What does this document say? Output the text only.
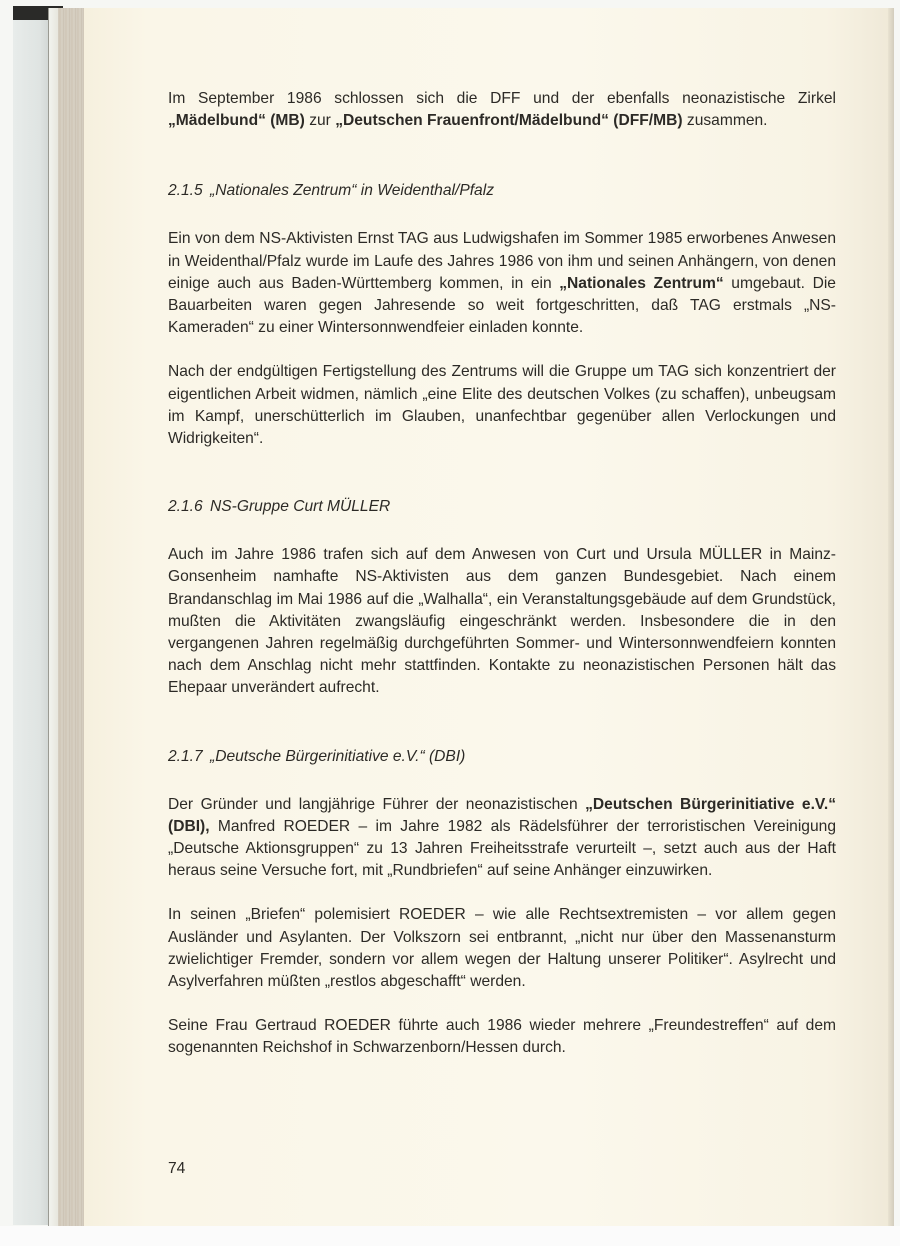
Im September 1986 schlossen sich die DFF und der ebenfalls neonazistische Zirkel „Mädelbund“ (MB) zur „Deutschen Frauenfront/Mädelbund“ (DFF/MB) zusammen.

2.1.5 „Nationales Zentrum“ in Weidenthal/Pfalz

Ein von dem NS-Aktivisten Ernst TAG aus Ludwigshafen im Sommer 1985 erworbenes Anwesen in Weidenthal/Pfalz wurde im Laufe des Jahres 1986 von ihm und seinen Anhängern, von denen einige auch aus Baden-Württemberg kommen, in ein „Nationales Zentrum“ umgebaut. Die Bauarbeiten waren gegen Jahresende so weit fortgeschritten, daß TAG erstmals „NS-Kameraden“ zu einer Wintersonnwendfeier einladen konnte.

Nach der endgültigen Fertigstellung des Zentrums will die Gruppe um TAG sich konzentriert der eigentlichen Arbeit widmen, nämlich „eine Elite des deutschen Volkes (zu schaffen), unbeugsam im Kampf, unerschütterlich im Glauben, unanfechtbar gegenüber allen Verlockungen und Widrigkeiten“.

2.1.6 NS-Gruppe Curt MÜLLER

Auch im Jahre 1986 trafen sich auf dem Anwesen von Curt und Ursula MÜLLER in Mainz-Gonsenheim namhafte NS-Aktivisten aus dem ganzen Bundesgebiet. Nach einem Brandanschlag im Mai 1986 auf die „Walhalla“, ein Veranstaltungsgebäude auf dem Grundstück, mußten die Aktivitäten zwangsläufig eingeschränkt werden. Insbesondere die in den vergangenen Jahren regelmäßig durchgeführten Sommer- und Wintersonnwendfeiern konnten nach dem Anschlag nicht mehr stattfinden. Kontakte zu neonazistischen Personen hält das Ehepaar unverändert aufrecht.

2.1.7 „Deutsche Bürgerinitiative e.V.“ (DBI)

Der Gründer und langjährige Führer der neonazistischen „Deutschen Bürgerinitiative e.V.“ (DBI), Manfred ROEDER – im Jahre 1982 als Rädelsführer der terroristischen Vereinigung „Deutsche Aktionsgruppen“ zu 13 Jahren Freiheitsstrafe verurteilt –, setzt auch aus der Haft heraus seine Versuche fort, mit „Rundbriefen“ auf seine Anhänger einzuwirken.

In seinen „Briefen“ polemisiert ROEDER – wie alle Rechtsextremisten – vor allem gegen Ausländer und Asylanten. Der Volkszorn sei entbrannt, „nicht nur über den Massenansturm zwielichtiger Fremder, sondern vor allem wegen der Haltung unserer Politiker“. Asylrecht und Asylverfahren müßten „restlos abgeschafft“ werden.

Seine Frau Gertraud ROEDER führte auch 1986 wieder mehrere „Freundestreffen“ auf dem sogenannten Reichshof in Schwarzenborn/Hessen durch.

74
